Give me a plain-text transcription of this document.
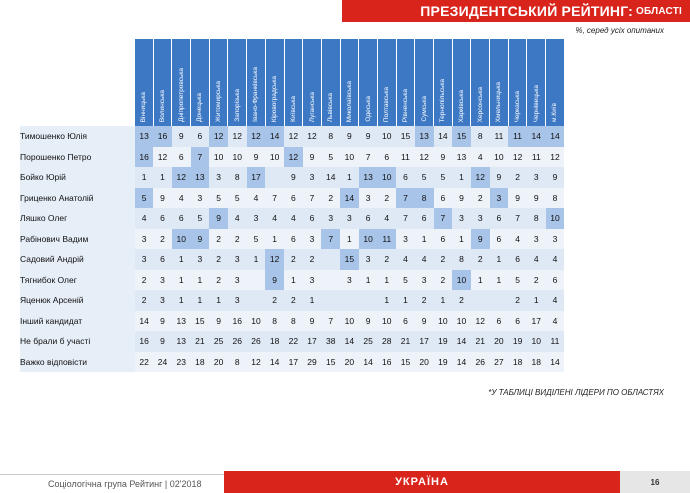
ПРЕЗИДЕНТСЬКИЙ РЕЙТИНГ: ОБЛАСТІ
%, серед усіх опитаних

	Вінницька	Волинська	Дніпропетровська	Донецька	Житомирська	Запорізька	Івано-Франківська	Кіровоградська	Київська	Луганська	Львівська	Миколаївська	Одеська	Полтавська	Рівненська	Сумська	Тернопільська	Харківська	Херсонська	Хмельницька	Черкаська	Чернівецька	м.Київ

Тимошенко Юлія	13	16	9	6	12	12	12	14	12	12	8	9	9	10	15	13	14	15	8	11	11	14	14
Порошенко Петро	16	12	6	7	10	10	9	10	12	9	5	10	7	6	11	12	9	13	4	10	12	11	12
Бойко Юрій	1	1	12	13	3	8	17		9	3	14	1	13	10	6	5	5	1	12	9	2	3	9
Гриценко Анатолій	5	9	4	3	5	5	4	7	6	7	2	14	3	2	7	8	6	9	2	3	9	9	8
Ляшко Олег	4	6	6	5	9	4	3	4	4	6	3	3	6	4	7	6	7	3	3	6	7	8	10
Рабінович Вадим	3	2	10	9	2	2	5	1	6	3	7	1	10	11	3	1	6	1	9	6	4	3	3
Садовий Андрій	3	6	1	3	2	3	1	12	2	2		15	3	2	4	4	2	8	2	1	6	4	4
Тягнибок Олег	2	3	1	1	2	3		9	1	3		3	1	1	5	3	2	10	1	1	5	2	6
Яценюк Арсеній	2	3	1	1	1	3		2	2	1				1	1	2	1	2			2	1	4
Інший кандидат	14	9	13	15	9	16	10	8	8	9	7	10	9	10	6	9	10	10	12	6	6	17	4
Не брали б участі	16	9	13	21	25	26	26	18	22	17	38	14	25	28	21	17	19	14	21	20	19	10	11
Важко відповісти	22	24	23	18	20	8	12	14	17	29	15	20	14	16	15	20	19	14	26	27	18	18	14
*У ТАБЛИЦІ ВИДІЛЕНІ ЛІДЕРИ ПО ОБЛАСТЯХ
Соціологічна група Рейтинг | 02'2018	УКРАЇНА	16
